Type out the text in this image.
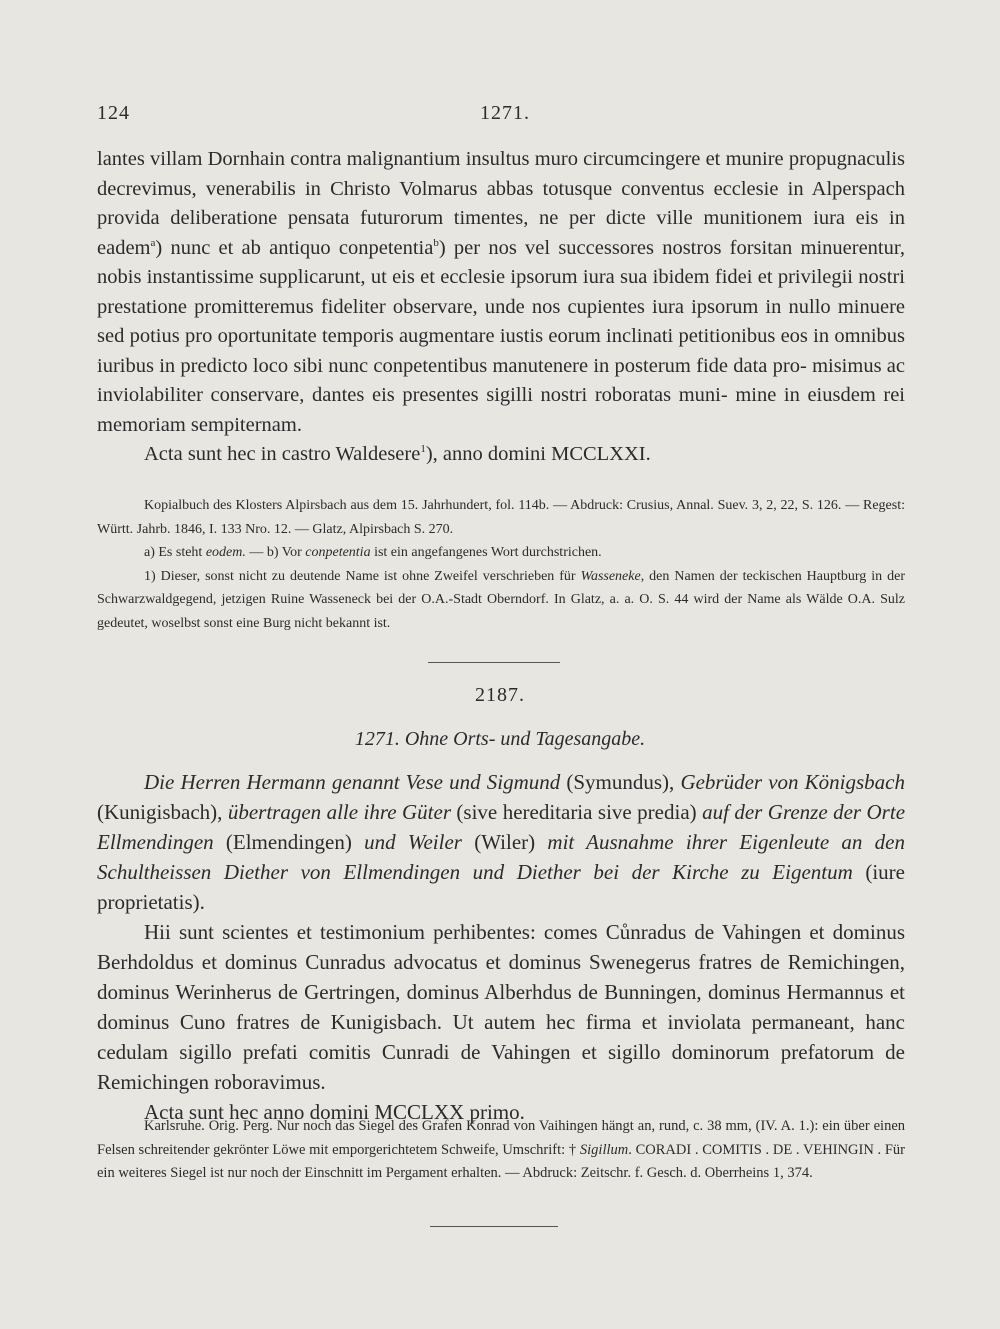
124	1271.

lantes villam Dornhain contra malignantium insultus muro circumcingere et munire propugnaculis decrevimus, venerabilis in Christo Volmarus abbas totusque conventus ecclesie in Alperspach provida deliberatione pensata futurorum timentes, ne per dicte ville munitionem iura eis in eadem$^a$) nunc et ab antiquo conpetentia$^b$) per nos vel successores nostros forsitan minuerentur, nobis instantissime supplicarunt, ut eis et ecclesie ipsorum iura sua ibidem fidei et privilegii nostri prestatione promitteremus fideliter observare, unde nos cupientes iura ipsorum in nullo minuere sed potius pro oportunitate temporis augmentare iustis eorum inclinati petitionibus eos in omnibus iuribus in predicto loco sibi nunc conpetentibus manutenere in posterum fide data pro- misimus ac inviolabiliter conservare, dantes eis presentes sigilli nostri roboratas muni- mine in eiusdem rei memoriam sempiternam.

Acta sunt hec in castro Waldesere$^1$), anno domini MCCLXXI.

Kopialbuch des Klosters Alpirsbach aus dem 15. Jahrhundert, fol. 114b. — Abdruck: Crusius, Annal. Suev. 3, 2, 22, S. 126. — Regest: Württ. Jahrb. 1846, I. 133 Nro. 12. — Glatz, Alpirsbach S. 270.

a) Es steht eodem. — b) Vor conpetentia ist ein angefangenes Wort durchstrichen.

1) Dieser, sonst nicht zu deutende Name ist ohne Zweifel verschrieben für Wasseneke, den Namen der teckischen Hauptburg in der Schwarzwaldgegend, jetzigen Ruine Wasseneck bei der O.A.-Stadt Oberndorf. In Glatz, a. a. O. S. 44 wird der Name als Wälde O.A. Sulz gedeutet, woselbst sonst eine Burg nicht bekannt ist.

2187.
1271. Ohne Orts- und Tagesangabe.

Die Herren Hermann genannt Vese und Sigmund (Symundus), Gebrüder von Königsbach (Kunigisbach), übertragen alle ihre Güter (sive hereditaria sive predia) auf der Grenze der Orte Ellmendingen (Elmendingen) und Weiler (Wiler) mit Ausnahme ihrer Eigenleute an den Schultheissen Diether von Ellmendingen und Diether bei der Kirche zu Eigentum (iure proprietatis).

Hii sunt scientes et testimonium perhibentes: comes Cůnradus de Vahingen et dominus Berhdoldus et dominus Cunradus advocatus et dominus Swenegerus fratres de Remichingen, dominus Werinherus de Gertringen, dominus Alberhdus de Bunningen, dominus Hermannus et dominus Cuno fratres de Kunigisbach. Ut autem hec firma et inviolata permaneant, hanc cedulam sigillo prefati comitis Cunradi de Vahingen et sigillo dominorum prefatorum de Remichingen roboravimus.

Acta sunt hec anno domini MCCLXX primo.

Karlsruhe. Orig. Perg. Nur noch das Siegel des Grafen Konrad von Vaihingen hängt an, rund, c. 38 mm, (IV. A. 1.): ein über einen Felsen schreitender gekrönter Löwe mit emporgerichtetem Schweife, Umschrift: † Sigillum. CORADI . COMITIS . DE . VEHINGIN . Für ein weiteres Siegel ist nur noch der Einschnitt im Pergament erhalten. — Abdruck: Zeitschr. f. Gesch. d. Oberrheins 1, 374.
